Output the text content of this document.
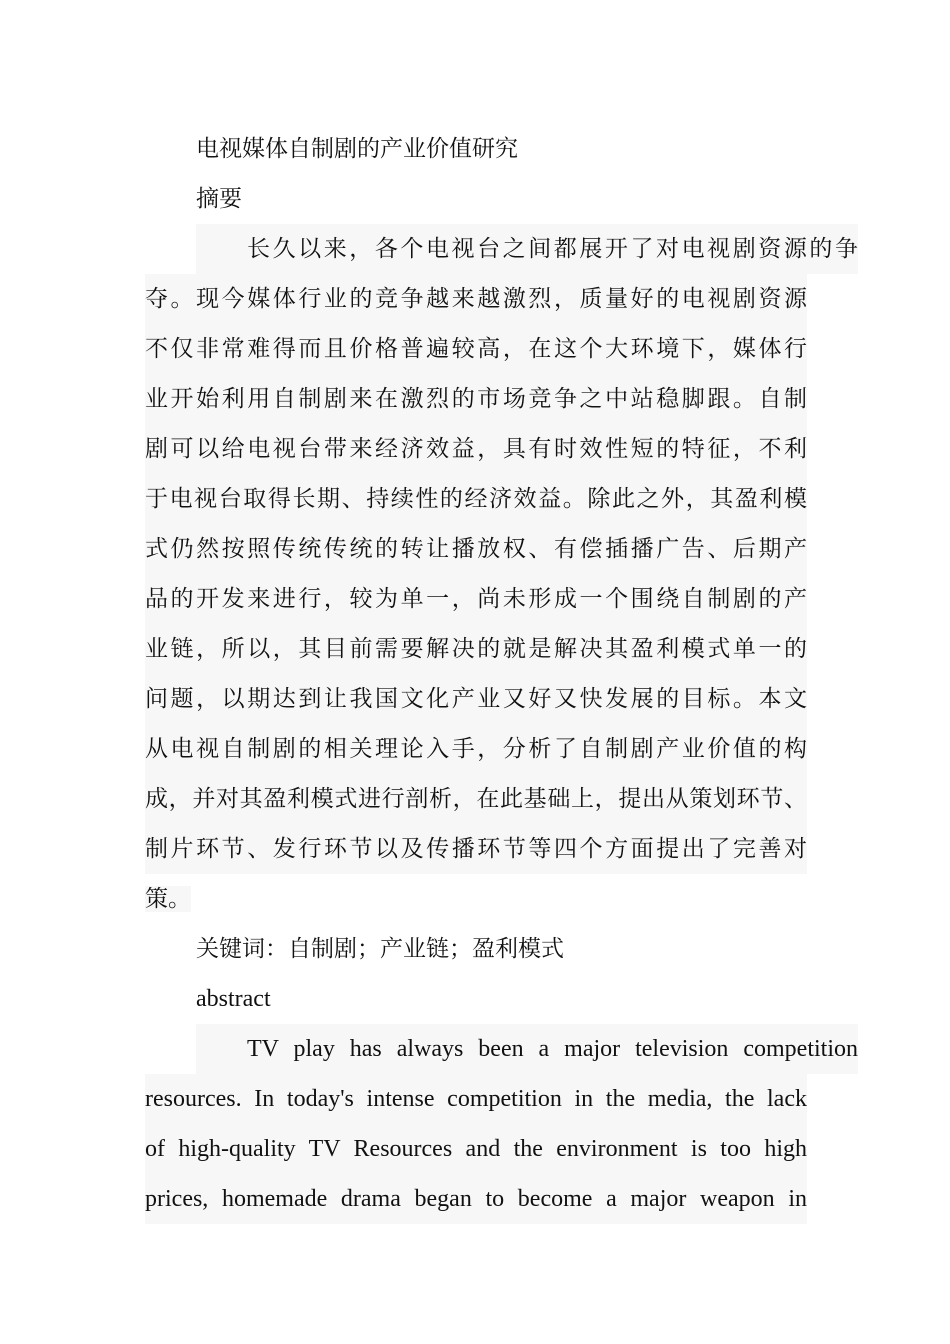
电视媒体自制剧的产业价值研究

摘要

长久以来，各个电视台之间都展开了对电视剧资源的争

夺。现今媒体行业的竞争越来越激烈，质量好的电视剧资源

不仅非常难得而且价格普遍较高，在这个大环境下，媒体行

业开始利用自制剧来在激烈的市场竞争之中站稳脚跟。自制

剧可以给电视台带来经济效益，具有时效性短的特征，不利

于电视台取得长期、持续性的经济效益。除此之外，其盈利模

式仍然按照传统传统的转让播放权、有偿插播广告、后期产

品的开发来进行，较为单一，尚未形成一个围绕自制剧的产

业链，所以，其目前需要解决的就是解决其盈利模式单一的

问题，以期达到让我国文化产业又好又快发展的目标。本文

从电视自制剧的相关理论入手，分析了自制剧产业价值的构

成，并对其盈利模式进行剖析，在此基础上，提出从策划环节、

制片环节、发行环节以及传播环节等四个方面提出了完善对

策。

关键词：自制剧；产业链；盈利模式

abstract

TV play has always been a major television competition

resources. In today's intense competition in the media, the lack

of high-quality TV Resources and the environment is too high

prices, homemade drama began to become a major weapon in
